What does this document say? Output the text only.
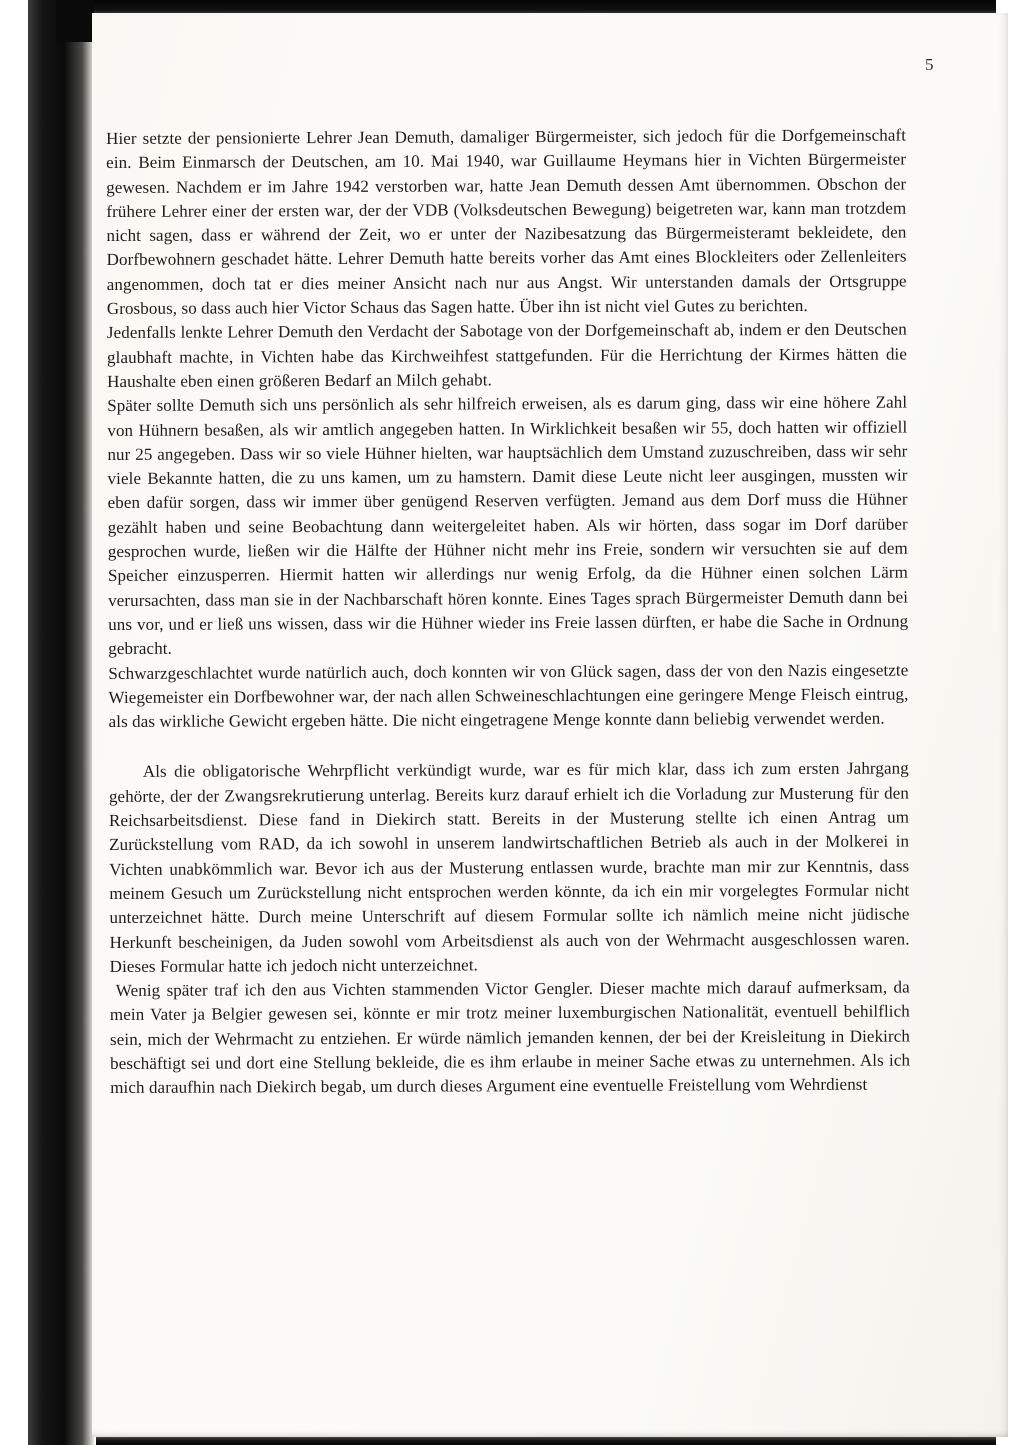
5

Hier setzte der pensionierte Lehrer Jean Demuth, damaliger Bürgermeister, sich jedoch für die Dorfgemeinschaft ein. Beim Einmarsch der Deutschen, am 10. Mai 1940, war Guillaume Heymans hier in Vichten Bürgermeister gewesen. Nachdem er im Jahre 1942 verstorben war, hatte Jean Demuth dessen Amt übernommen. Obschon der frühere Lehrer einer der ersten war, der der VDB (Volksdeutschen Bewegung) beigetreten war, kann man trotzdem nicht sagen, dass er während der Zeit, wo er unter der Nazibesatzung das Bürgermeisteramt bekleidete, den Dorfbewohnern geschadet hätte. Lehrer Demuth hatte bereits vorher das Amt eines Blockleiters oder Zellenleiters angenommen, doch tat er dies meiner Ansicht nach nur aus Angst. Wir unterstanden damals der Ortsgruppe Grosbous, so dass auch hier Victor Schaus das Sagen hatte. Über ihn ist nicht viel Gutes zu berichten.

Jedenfalls lenkte Lehrer Demuth den Verdacht der Sabotage von der Dorfgemeinschaft ab, indem er den Deutschen glaubhaft machte, in Vichten habe das Kirchweihfest stattgefunden. Für die Herrichtung der Kirmes hätten die Haushalte eben einen größeren Bedarf an Milch gehabt.

Später sollte Demuth sich uns persönlich als sehr hilfreich erweisen, als es darum ging, dass wir eine höhere Zahl von Hühnern besaßen, als wir amtlich angegeben hatten. In Wirklichkeit besaßen wir 55, doch hatten wir offiziell nur 25 angegeben. Dass wir so viele Hühner hielten, war hauptsächlich dem Umstand zuzuschreiben, dass wir sehr viele Bekannte hatten, die zu uns kamen, um zu hamstern. Damit diese Leute nicht leer ausgingen, mussten wir eben dafür sorgen, dass wir immer über genügend Reserven verfügten. Jemand aus dem Dorf muss die Hühner gezählt haben und seine Beobachtung dann weitergeleitet haben. Als wir hörten, dass sogar im Dorf darüber gesprochen wurde, ließen wir die Hälfte der Hühner nicht mehr ins Freie, sondern wir versuchten sie auf dem Speicher einzusperren. Hiermit hatten wir allerdings nur wenig Erfolg, da die Hühner einen solchen Lärm verursachten, dass man sie in der Nachbarschaft hören konnte. Eines Tages sprach Bürgermeister Demuth dann bei uns vor, und er ließ uns wissen, dass wir die Hühner wieder ins Freie lassen dürften, er habe die Sache in Ordnung gebracht.

Schwarzgeschlachtet wurde natürlich auch, doch konnten wir von Glück sagen, dass der von den Nazis eingesetzte Wiegemeister ein Dorfbewohner war, der nach allen Schweineschlachtungen eine geringere Menge Fleisch eintrug, als das wirkliche Gewicht ergeben hätte. Die nicht eingetragene Menge konnte dann beliebig verwendet werden.

Als die obligatorische Wehrpflicht verkündigt wurde, war es für mich klar, dass ich zum ersten Jahrgang gehörte, der der Zwangsrekrutierung unterlag. Bereits kurz darauf erhielt ich die Vorladung zur Musterung für den Reichsarbeitsdienst. Diese fand in Diekirch statt. Bereits in der Musterung stellte ich einen Antrag um Zurückstellung vom RAD, da ich sowohl in unserem landwirtschaftlichen Betrieb als auch in der Molkerei in Vichten unabkömmlich war. Bevor ich aus der Musterung entlassen wurde, brachte man mir zur Kenntnis, dass meinem Gesuch um Zurückstellung nicht entsprochen werden könnte, da ich ein mir vorgelegtes Formular nicht unterzeichnet hätte. Durch meine Unterschrift auf diesem Formular sollte ich nämlich meine nicht jüdische Herkunft bescheinigen, da Juden sowohl vom Arbeitsdienst als auch von der Wehrmacht ausgeschlossen waren. Dieses Formular hatte ich jedoch nicht unterzeichnet.

Wenig später traf ich den aus Vichten stammenden Victor Gengler. Dieser machte mich darauf aufmerksam, da mein Vater ja Belgier gewesen sei, könnte er mir trotz meiner luxemburgischen Nationalität, eventuell behilflich sein, mich der Wehrmacht zu entziehen. Er würde nämlich jemanden kennen, der bei der Kreisleitung in Diekirch beschäftigt sei und dort eine Stellung bekleide, die es ihm erlaube in meiner Sache etwas zu unternehmen. Als ich mich daraufhin nach Diekirch begab, um durch dieses Argument eine eventuelle Freistellung vom Wehrdienst
